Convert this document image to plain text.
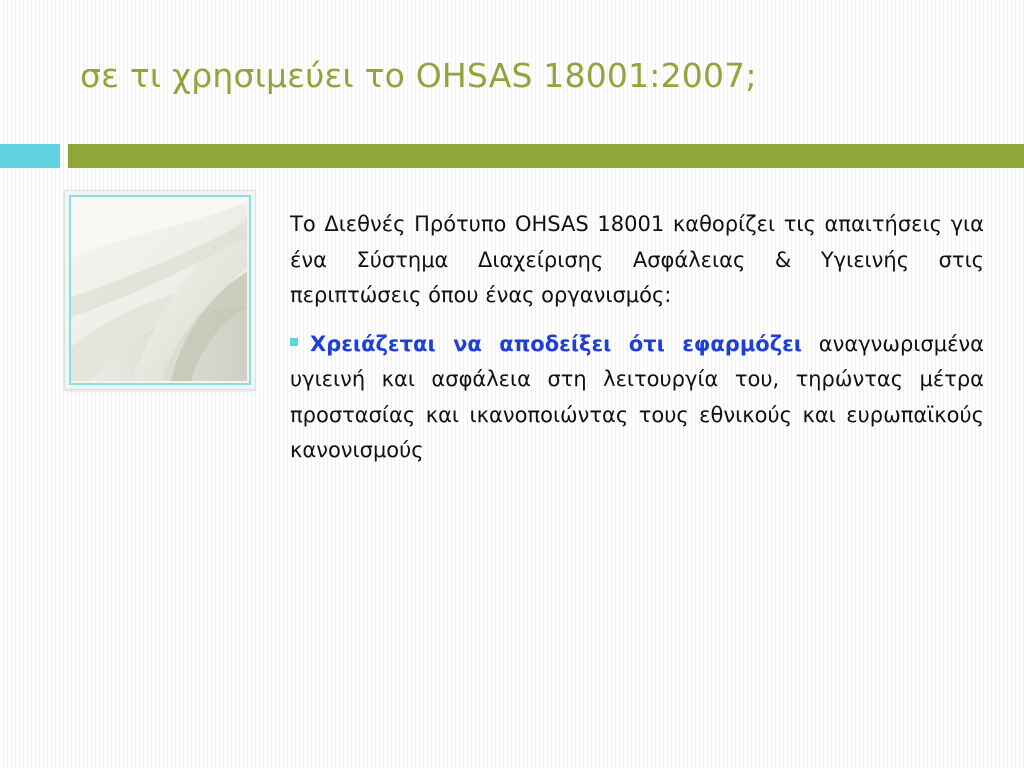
σε τι χρησιμεύει το OHSAS 18001:2007;

Το Διεθνές Πρότυπο OHSAS 18001 καθορίζει τις απαιτήσεις για ένα Σύστημα Διαχείρισης Ασφάλειας & Υγιεινής στις περιπτώσεις όπου ένας οργανισμός:

Χρειάζεται να αποδείξει ότι εφαρμόζει αναγνωρισμένα υγιεινή και ασφάλεια στη λειτουργία του, τηρώντας μέτρα προστασίας και ικανοποιώντας τους εθνικούς και ευρωπαϊκούς κανονισμούς
